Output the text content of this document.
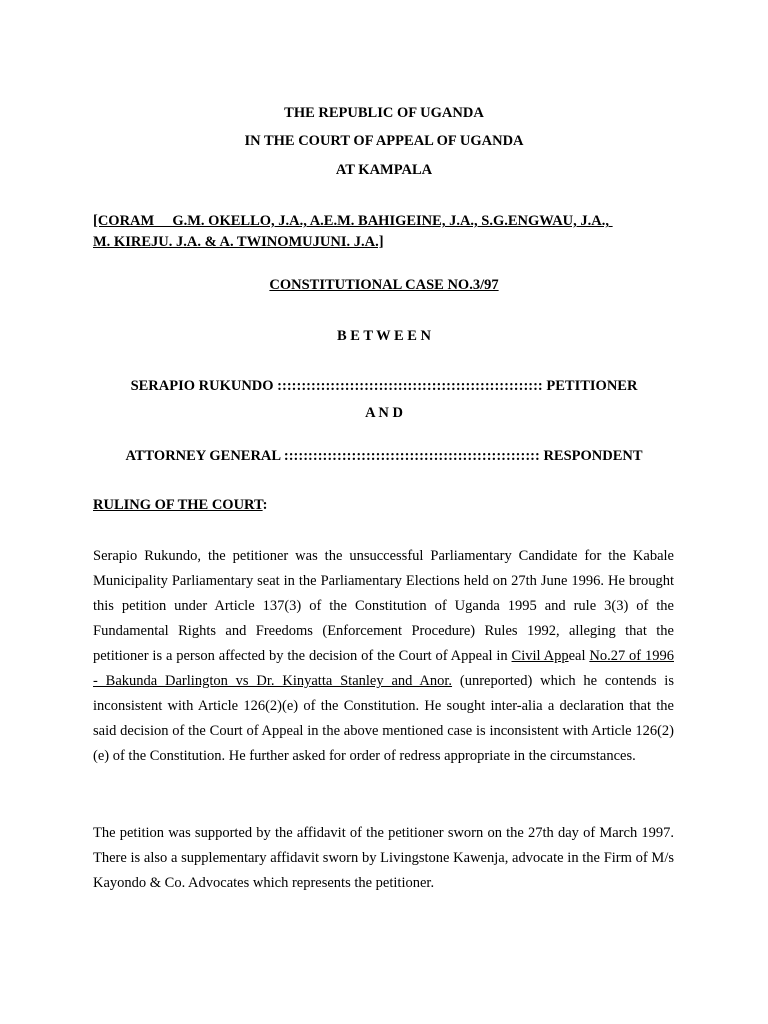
THE REPUBLIC OF UGANDA
IN THE COURT OF APPEAL OF UGANDA
AT KAMPALA
[CORAM     G.M. OKELLO, J.A., A.E.M. BAHIGEINE, J.A., S.G.ENGWAU, J.A.,
M. KIREJU. J.A. & A. TWINOMUJUNI. J.A.]
CONSTITUTIONAL CASE NO.3/97
B E T W E E N
SERAPIO RUKUNDO ::::::::::::::::::::::::::::::::::::::::::::::::::::::: PETITIONER
A N D
ATTORNEY GENERAL ::::::::::::::::::::::::::::::::::::::::::::::::::::: RESPONDENT
RULING OF THE COURT:
Serapio Rukundo, the petitioner was the unsuccessful Parliamentary Candidate for the Kabale Municipality Parliamentary seat in the Parliamentary Elections held on 27th June 1996. He brought this petition under Article 137(3) of the Constitution of Uganda 1995 and rule 3(3) of the Fundamental Rights and Freedoms (Enforcement Procedure) Rules 1992, alleging that the petitioner is a person affected by the decision of the Court of Appeal in Civil Appeal No.27 of 1996 - Bakunda Darlington vs Dr. Kinyatta Stanley and Anor. (unreported) which he contends is inconsistent with Article 126(2)(e) of the Constitution. He sought inter-alia a declaration that the said decision of the Court of Appeal in the above mentioned case is inconsistent with Article 126(2)(e) of the Constitution. He further asked for order of redress appropriate in the circumstances.
The petition was supported by the affidavit of the petitioner sworn on the 27th day of March 1997. There is also a supplementary affidavit sworn by Livingstone Kawenja, advocate in the Firm of M/s Kayondo & Co. Advocates which represents the petitioner.
